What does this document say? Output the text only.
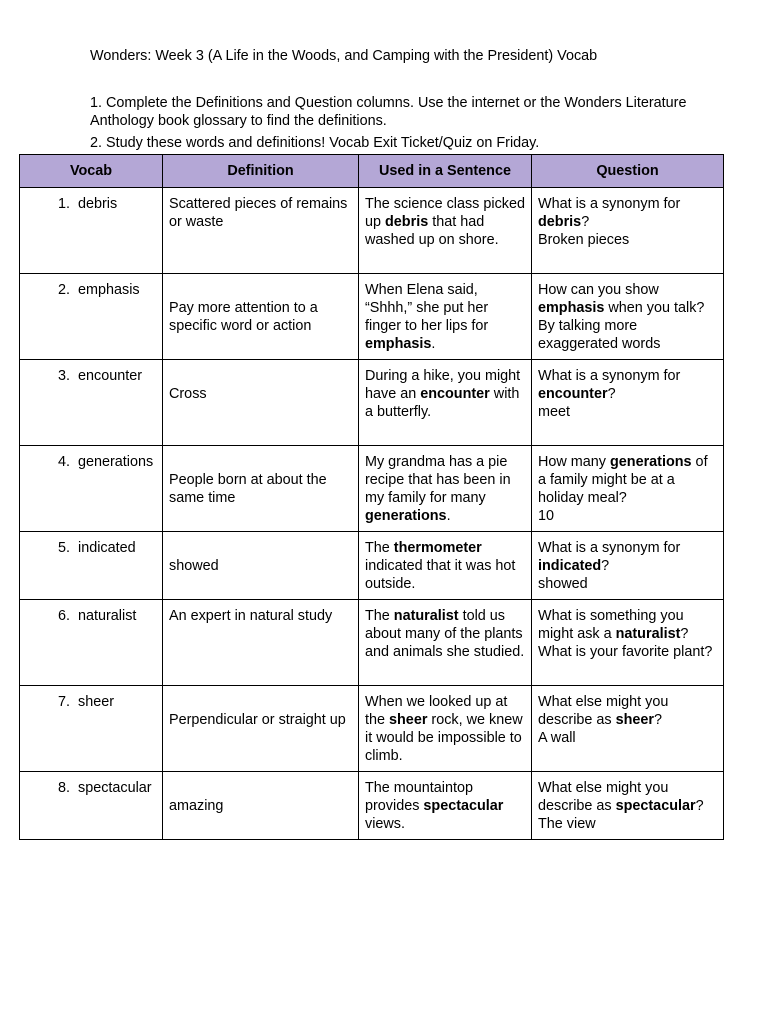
Wonders: Week 3 (A Life in the Woods, and Camping with the President) Vocab
1. Complete the Definitions and Question columns. Use the internet or the Wonders Literature Anthology book glossary to find the definitions.
2. Study these words and definitions! Vocab Exit Ticket/Quiz on Friday.
Vocab	Definition	Used in a Sentence	Question
1. debris	Scattered pieces of remains or waste	The science class picked up debris that had washed up on shore.	What is a synonym for debris?
Broken pieces
2. emphasis	Pay more attention to a specific word or action	When Elena said, “Shhh,” she put her finger to her lips for emphasis.	How can you show emphasis when you talk?
By talking more exaggerated words
3. encounter	Cross	During a hike, you might have an encounter with a butterfly.	What is a synonym for encounter?
meet
4. generations	People born at about the same time	My grandma has a pie recipe that has been in my family for many generations.	How many generations of a family might be at a holiday meal?
10
5. indicated	showed	The thermometer indicated that it was hot outside.	What is a synonym for indicated?
showed
6. naturalist	An expert in natural study	The naturalist told us about many of the plants and animals she studied.	What is something you might ask a naturalist?
What is your favorite plant?
7. sheer	Perpendicular or straight up	When we looked up at the sheer rock, we knew it would be impossible to climb.	What else might you describe as sheer?
A wall
8. spectacular	amazing	The mountaintop provides spectacular views.	What else might you describe as spectacular?
The view
